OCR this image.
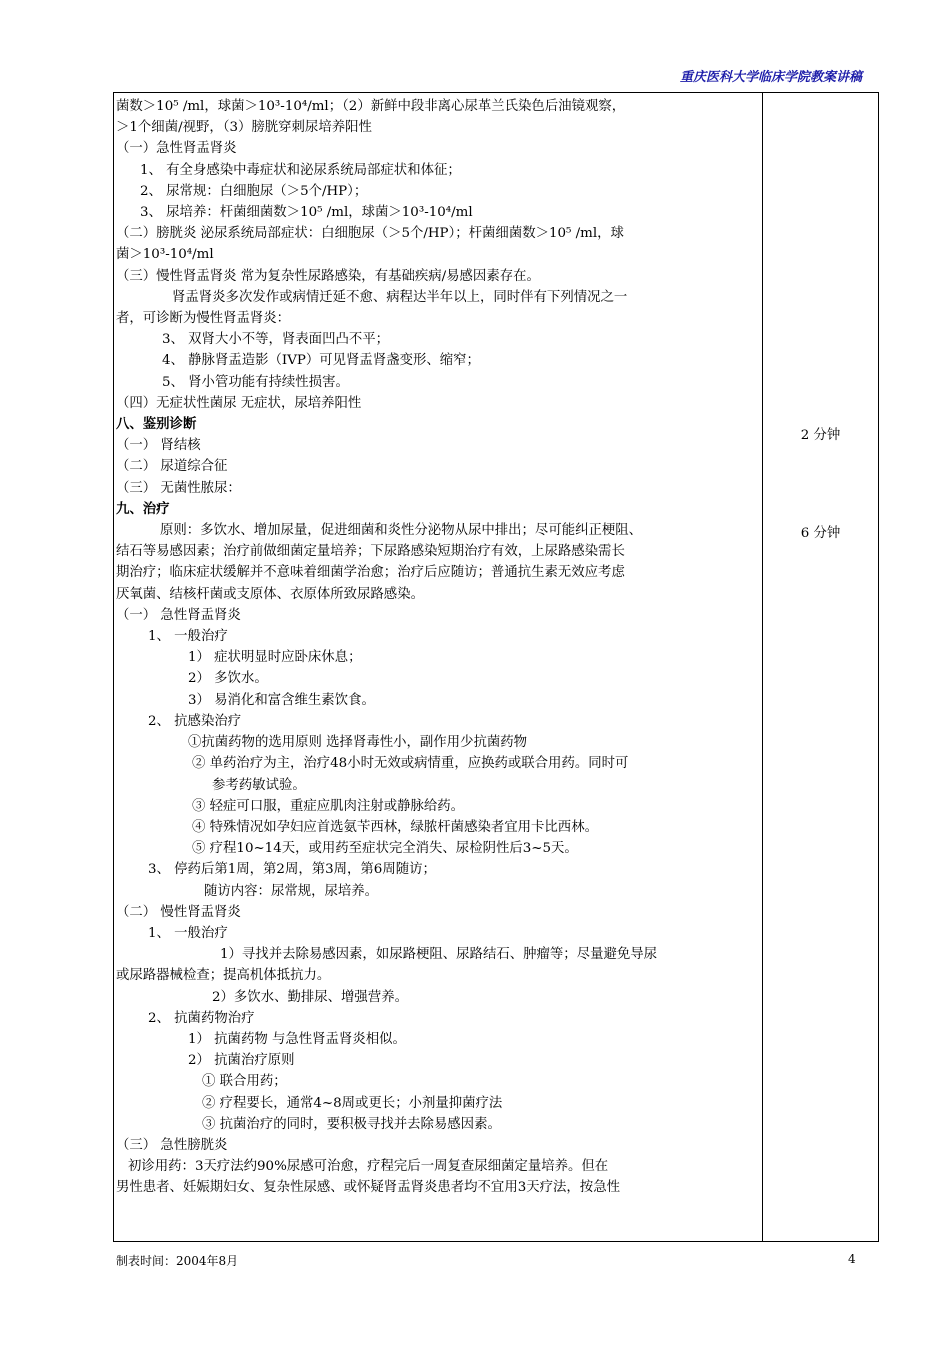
重庆医科大学临床学院教案讲稿
菌数＞10⁵ /ml，球菌＞10³-10⁴/ml；（2）新鲜中段非离心尿革兰氏染色后油镜观察，
＞1个细菌/视野，（3）膀胱穿刺尿培养阳性
（一）急性肾盂肾炎
1、 有全身感染中毒症状和泌尿系统局部症状和体征；
2、 尿常规：白细胞尿（＞5个/HP）；
3、 尿培养：杆菌细菌数＞10⁵ /ml，球菌＞10³-10⁴/ml
（二）膀胱炎 泌尿系统局部症状：白细胞尿（＞5个/HP）；杆菌细菌数＞10⁵ /ml，球
菌＞10³-10⁴/ml
（三）慢性肾盂肾炎 常为复杂性尿路感染，有基础疾病/易感因素存在。
肾盂肾炎多次发作或病情迁延不愈、病程达半年以上，同时伴有下列情况之一
者，可诊断为慢性肾盂肾炎：
3、 双肾大小不等，肾表面凹凸不平；
4、 静脉肾盂造影（IVP）可见肾盂肾盏变形、缩窄；
5、 肾小管功能有持续性损害。
（四）无症状性菌尿 无症状，尿培养阳性
八、鉴别诊断
（一） 肾结核
（二） 尿道综合征
（三） 无菌性脓尿：
九、治疗
原则：多饮水、增加尿量，促进细菌和炎性分泌物从尿中排出；尽可能纠正梗阻、
结石等易感因素；治疗前做细菌定量培养；下尿路感染短期治疗有效，上尿路感染需长
期治疗；临床症状缓解并不意味着细菌学治愈；治疗后应随访；普通抗生素无效应考虑
厌氧菌、结核杆菌或支原体、衣原体所致尿路感染。
（一） 急性肾盂肾炎
1、 一般治疗
1） 症状明显时应卧床休息；
2） 多饮水。
3） 易消化和富含维生素饮食。
2、 抗感染治疗
①抗菌药物的选用原则 选择肾毒性小，副作用少抗菌药物
② 单药治疗为主，治疗48小时无效或病情重，应换药或联合用药。同时可
参考药敏试验。
③ 轻症可口服，重症应肌肉注射或静脉给药。
④ 特殊情况如孕妇应首选氨苄西林，绿脓杆菌感染者宜用卡比西林。
⑤ 疗程10~14天，或用药至症状完全消失、尿检阴性后3~5天。
3、 停药后第1周，第2周，第3周，第6周随访；
随访内容：尿常规，尿培养。
（二） 慢性肾盂肾炎
1、 一般治疗
1）寻找并去除易感因素，如尿路梗阻、尿路结石、肿瘤等；尽量避免导尿
或尿路器械检查；提高机体抵抗力。
2）多饮水、勤排尿、增强营养。
2、 抗菌药物治疗
1） 抗菌药物 与急性肾盂肾炎相似。
2） 抗菌治疗原则
① 联合用药；
② 疗程要长，通常4~8周或更长；小剂量抑菌疗法
③ 抗菌治疗的同时，要积极寻找并去除易感因素。
（三） 急性膀胱炎
初诊用药：3天疗法约90%尿感可治愈，疗程完后一周复查尿细菌定量培养。但在
男性患者、妊娠期妇女、复杂性尿感、或怀疑肾盂肾炎患者均不宜用3天疗法，按急性
2 分钟
6 分钟
制表时间：2004年8月	4
